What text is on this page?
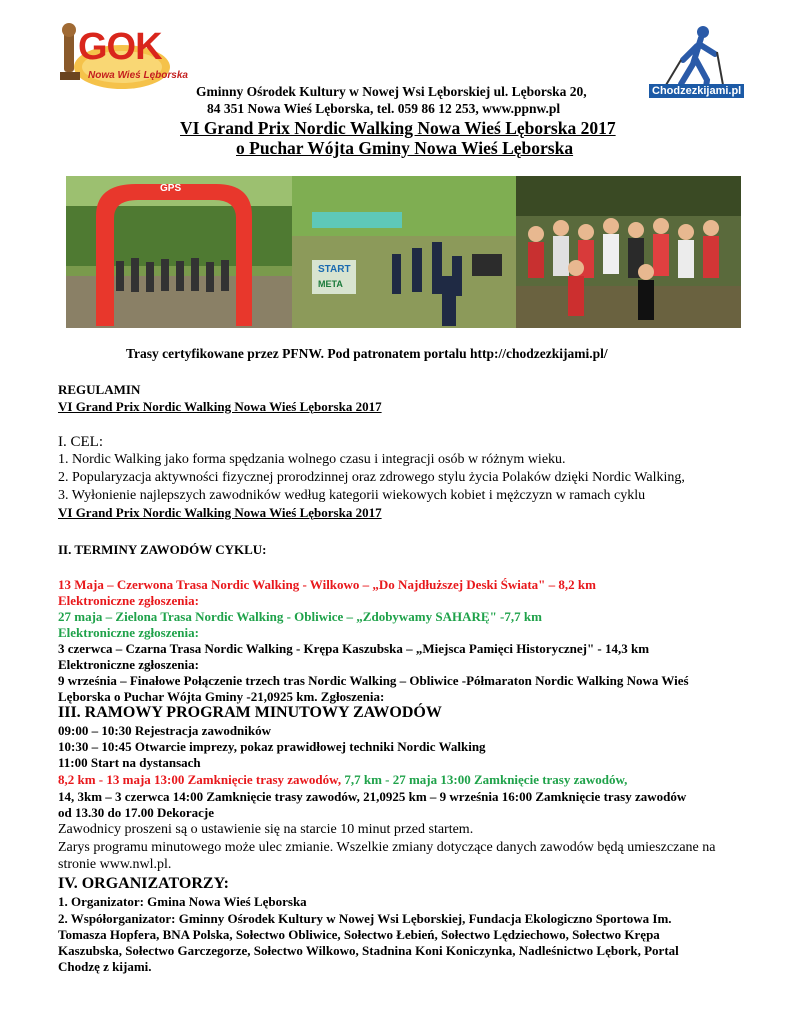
GOK
Nowa Wieś Lęborska
Chodzezkijami.pl
Gminny Ośrodek Kultury w Nowej Wsi Lęborskiej ul. Lęborska 20,
84 351 Nowa Wieś Lęborska, tel. 059 86 12 253, www.ppnw.pl
VI Grand Prix Nordic Walking Nowa Wieś Lęborska 2017
o Puchar Wójta Gminy Nowa Wieś Lęborska
GPS
START
META
Trasy certyfikowane przez PFNW. Pod patronatem portalu http://chodzezkijami.pl/
REGULAMIN
VI Grand Prix Nordic Walking Nowa Wieś Lęborska 2017
I. CEL:
1. Nordic Walking jako forma spędzania wolnego czasu i integracji osób w różnym wieku.
2. Popularyzacja aktywności fizycznej prorodzinnej oraz zdrowego stylu życia Polaków dzięki Nordic Walking,
3. Wyłonienie najlepszych zawodników według kategorii wiekowych kobiet i mężczyzn w ramach cyklu
VI Grand Prix Nordic Walking Nowa Wieś Lęborska 2017
II. TERMINY ZAWODÓW CYKLU:
13 Maja – Czerwona Trasa Nordic Walking - Wilkowo – „Do Najdłuższej Deski Świata" – 8,2 km
Elektroniczne zgłoszenia:
27 maja – Zielona Trasa Nordic Walking - Obliwice – „Zdobywamy SAHARĘ" -7,7 km
Elektroniczne zgłoszenia:
3 czerwca – Czarna Trasa Nordic Walking - Krępa Kaszubska – „Miejsca Pamięci Historycznej" - 14,3 km
Elektroniczne zgłoszenia:
9 września – Finałowe Połączenie trzech tras Nordic Walking – Obliwice -Półmaraton Nordic Walking Nowa Wieś
Lęborska o Puchar Wójta Gminy -21,0925 km. Zgłoszenia:
III. RAMOWY PROGRAM MINUTOWY ZAWODÓW
09:00 – 10:30 Rejestracja zawodników
10:30 – 10:45 Otwarcie imprezy, pokaz prawidłowej techniki Nordic Walking
11:00 Start na dystansach
8,2 km - 13 maja 13:00 Zamknięcie trasy zawodów, 7,7 km - 27 maja 13:00 Zamknięcie trasy zawodów,
14, 3km – 3 czerwca 14:00 Zamknięcie trasy zawodów, 21,0925 km – 9 września 16:00 Zamknięcie trasy zawodów
od 13.30 do 17.00 Dekoracje
Zawodnicy proszeni są o ustawienie się na starcie 10 minut przed startem.
Zarys programu minutowego może ulec zmianie. Wszelkie zmiany dotyczące danych zawodów będą umieszczane na
stronie www.nwl.pl.
IV. ORGANIZATORZY:
1. Organizator: Gmina Nowa Wieś Lęborska
2. Współorganizator: Gminny Ośrodek Kultury w Nowej Wsi Lęborskiej, Fundacja Ekologiczno Sportowa Im.
Tomasza Hopfera, BNA Polska, Sołectwo Obliwice, Sołectwo Łebień, Sołectwo Lędziechowo, Sołectwo Krępa
Kaszubska, Sołectwo Garczegorze, Sołectwo Wilkowo, Stadnina Koni Koniczynka, Nadleśnictwo Lębork, Portal
Chodzę z kijami.
